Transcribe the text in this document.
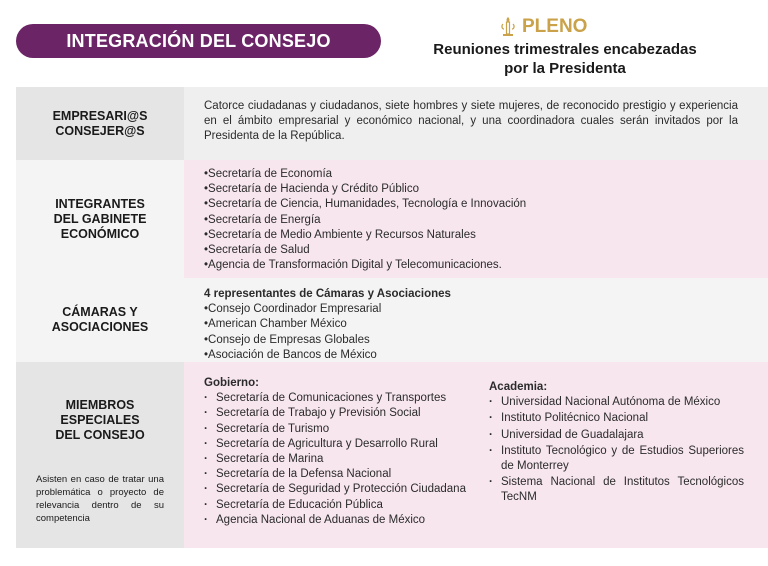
INTEGRACIÓN DEL CONSEJO
PLENO
Reuniones trimestrales encabezadas
por la Presidenta
EMPRESARI@S
CONSEJER@S
Catorce ciudadanas y ciudadanos, siete hombres y siete mujeres, de reconocido prestigio y experiencia en el ámbito empresarial y económico nacional, y una coordinadora cuales serán invitados por la Presidenta de la República.
INTEGRANTES
DEL GABINETE
ECONÓMICO
• Secretaría de Economía
• Secretaría de Hacienda y Crédito Público
• Secretaría de Ciencia, Humanidades, Tecnología e Innovación
• Secretaría de Energía
• Secretaría de Medio Ambiente y Recursos Naturales
• Secretaría de Salud
• Agencia de Transformación Digital y Telecomunicaciones.
CÁMARAS Y
ASOCIACIONES
4 representantes de Cámaras y Asociaciones
• Consejo Coordinador Empresarial
• American Chamber México
• Consejo de Empresas Globales
• Asociación de Bancos de México
MIEMBROS
ESPECIALES
DEL CONSEJO
Asisten en caso de tratar una problemática o proyecto de relevancia dentro de su competencia
Gobierno:
· Secretaría de Comunicaciones y Transportes
· Secretaría de Trabajo y Previsión Social
· Secretaría de Turismo
· Secretaría de Agricultura y Desarrollo Rural
· Secretaría de Marina
· Secretaría de la Defensa Nacional
· Secretaría de Seguridad y Protección Ciudadana
· Secretaría de Educación Pública
· Agencia Nacional de Aduanas de México
Academia:
· Universidad Nacional Autónoma de México
· Instituto Politécnico Nacional
· Universidad de Guadalajara
· Instituto Tecnológico y de Estudios Superiores de Monterrey
· Sistema Nacional de Institutos Tecnológicos TecNM
